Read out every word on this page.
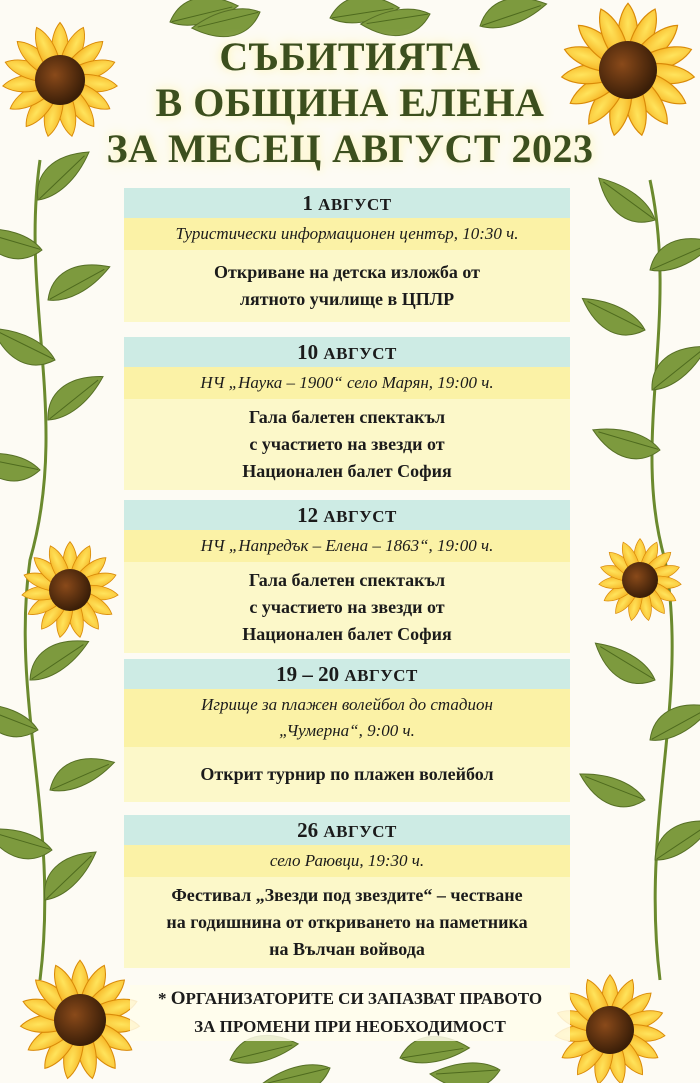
СЪБИТИЯТА
В ОБЩИНА ЕЛЕНА
ЗА МЕСЕЦ АВГУСТ 2023
1 АВГУСТ
Туристически информационен център, 10:30 ч.
Откриване на детска изложба от
лятното училище в ЦПЛР
10 АВГУСТ
НЧ „Наука – 1900“ село Марян, 19:00 ч.
Гала балетен спектакъл
с участието на звезди от
Национален балет София
12 АВГУСТ
НЧ „Напредък – Елена – 1863“, 19:00 ч.
Гала балетен спектакъл
с участието на звезди от
Национален балет София
19 – 20 АВГУСТ
Игрище за плажен волейбол до стадион
„Чумерна“, 9:00 ч.
Открит турнир по плажен волейбол
26 АВГУСТ
село Раювци, 19:30 ч.
Фестивал „Звезди под звездите“ – честване
на годишнина от откриването на паметника
на Вълчан войвода
* ОРГАНИЗАТОРИТЕ СИ ЗАПАЗВАТ ПРАВОТО
ЗА ПРОМЕНИ ПРИ НЕОБХОДИМОСТ
